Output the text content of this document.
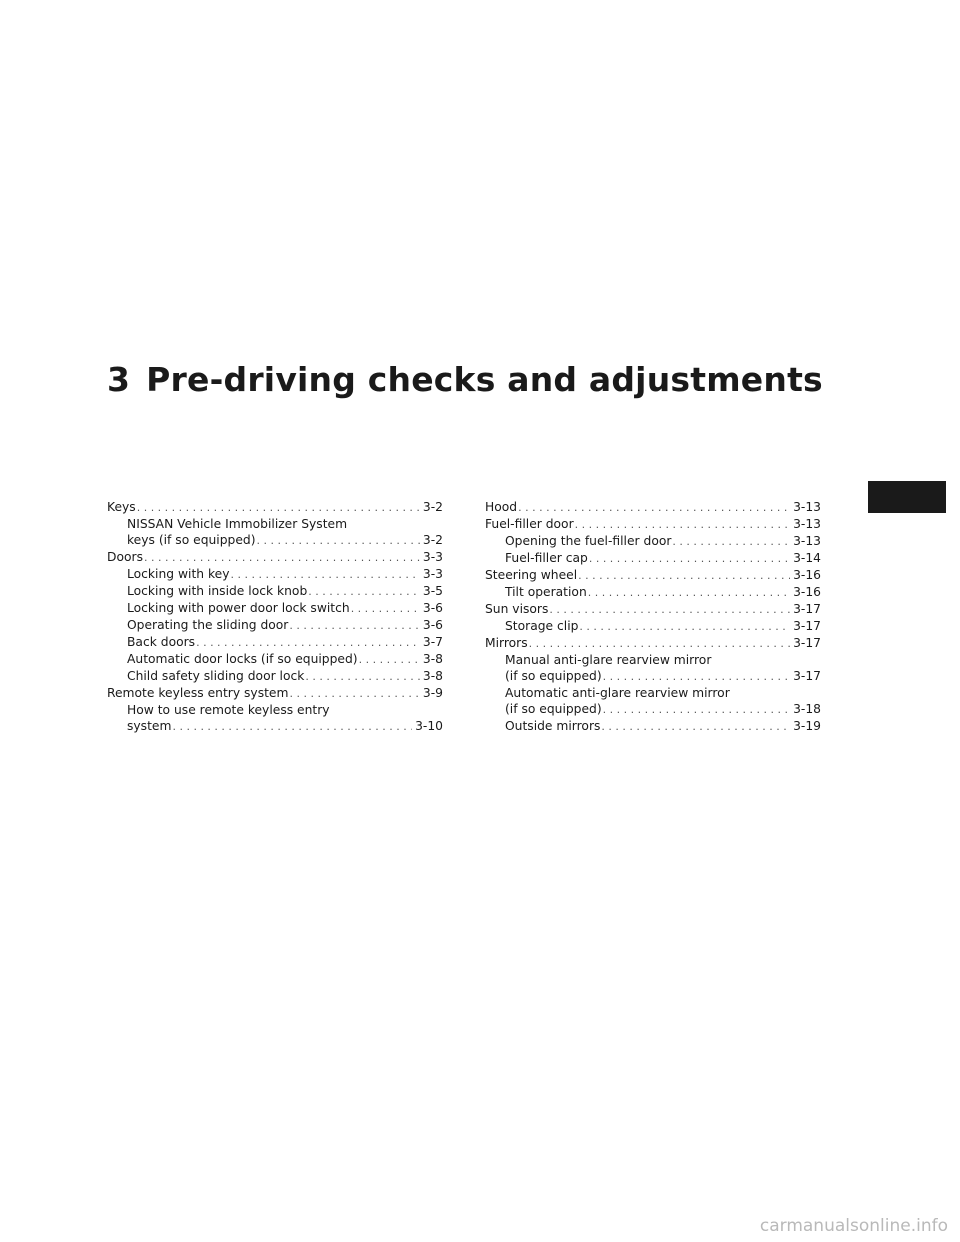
3 Pre-driving checks and adjustments
Keys . . .	3-2
NISSAN Vehicle Immobilizer System
keys (if so equipped) . . .	3-2
Doors . . .	3-3
Locking with key . . .	3-3
Locking with inside lock knob . . .	3-5
Locking with power door lock switch . . .	3-6
Operating the sliding door . . .	3-6
Back doors . . .	3-7
Automatic door locks (if so equipped) . . .	3-8
Child safety sliding door lock . . .	3-8
Remote keyless entry system . . .	3-9
How to use remote keyless entry
system . . .	3-10
Hood . . .	3-13
Fuel-filler door . . .	3-13
Opening the fuel-filler door . . .	3-13
Fuel-filler cap . . .	3-14
Steering wheel . . .	3-16
Tilt operation . . .	3-16
Sun visors . . .	3-17
Storage clip . . .	3-17
Mirrors . . .	3-17
Manual anti-glare rearview mirror
(if so equipped) . . .	3-17
Automatic anti-glare rearview mirror
(if so equipped) . . .	3-18
Outside mirrors . . .	3-19
carmanualsonline.info
